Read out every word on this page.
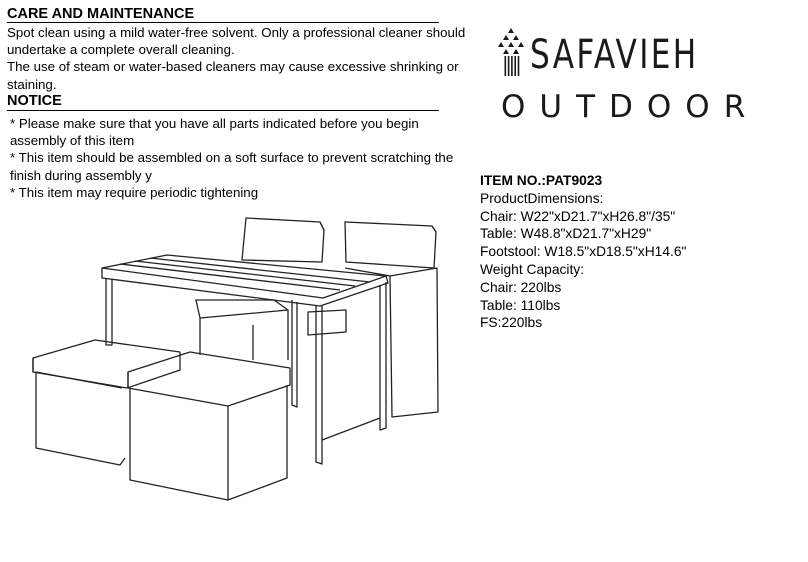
CARE AND MAINTENANCE
Spot clean using a mild water-free solvent. Only a professional cleaner should
undertake a complete overall cleaning.
The use of steam or water-based cleaners may cause excessive shrinking or
staining.
NOTICE
* Please make sure that you have all parts indicated before you begin
assembly of this item
* This item should be assembled on a soft surface to prevent scratching the
finish during assembly y
* This item may require periodic tightening
SAFAVIEH
OUTDOOR
ITEM NO.:PAT9023
ProductDimensions:
Chair: W22"xD21.7"xH26.8"/35"
Table: W48.8"xD21.7"xH29"
Footstool: W18.5"xD18.5"xH14.6"
Weight Capacity:
Chair: 220lbs
Table: 110lbs
FS:220lbs
